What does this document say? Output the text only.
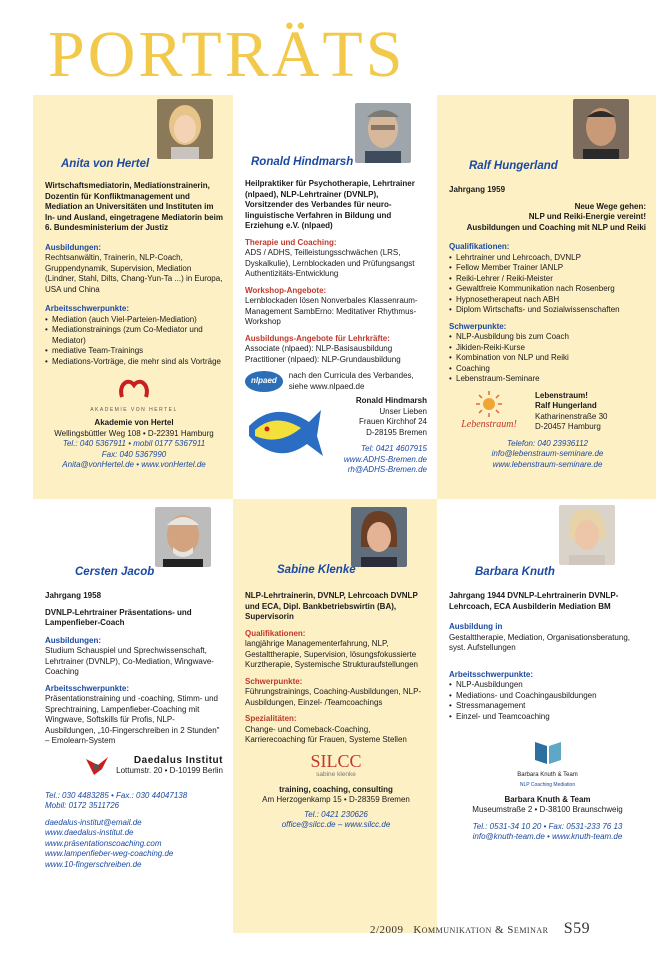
PORTRÄTS
Anita von Hertel
Wirtschaftsmediatorin, Mediationstrainerin, Dozentin für Konfliktmanagement und Mediation an Universitäten und Instituten im In- und Ausland, eingetragene Mediatorin beim 6. Bundesministerium der Justiz
Ausbildungen:
Rechtsanwältin, Trainerin, NLP-Coach, Gruppendynamik, Supervision, Mediation (Lindner, Stahl, Dilts, Chang-Yun-Ta ...) in Europa, USA und China
Arbeitsschwerpunkte:
• Mediation (auch Viel-Parteien-Mediation)
• Mediationstrainings (zum Co-Mediator und Mediator)
• mediative Team-Trainings
• Mediations-Vorträge, die mehr sind als Vorträge
AKADEMIE VON HERTEL
Akademie von Hertel
Wellingsbüttler Weg 108 • D-22391 Hamburg
Tel.: 040 5367911 • mobil 0177 5367911
Fax: 040 5367990
Anita@vonHertel.de • www.vonHertel.de
Ronald Hindmarsh
Heilpraktiker für Psychotherapie, Lehrtrainer (nlpaed), NLP-Lehrtrainer (DVNLP), Vorsitzender des Verbandes für neuro-linguistische Verfahren in Bildung und Erziehung e.V. (nlpaed)
Therapie und Coaching:
ADS / ADHS, Teilleistungsschwächen (LRS, Dyskalkulie), Lernblockaden und Prüfungsangst Authentizitäts-Entwicklung
Workshop-Angebote:
Lernblockaden lösen Nonverbales Klassenraum-Management SambErno: Meditativer Rhythmus-Workshop
Ausbildungs-Angebote für Lehrkräfte:
Associate (nlpaed): NLP-Basisausbildung Practitioner (nlpaed): NLP-Grundausbildung
nlpaed
nach den Curricula des Verbandes, siehe www.nlpaed.de
Ronald Hindmarsh
Unser Lieben
Frauen Kirchhof 24
D-28195 Bremen
Tel: 0421 4607915
www.ADHS-Bremen.de
rh@ADHS-Bremen.de
Ralf Hungerland
Jahrgang 1959
Neue Wege gehen:
NLP und Reiki-Energie vereint!
Ausbildungen und Coaching mit NLP und Reiki
Qualifikationen:
• Lehrtrainer und Lehrcoach, DVNLP
• Fellow Member Trainer IANLP
• Reiki-Lehrer / Reiki-Meister
• Gewaltfreie Kommunikation nach Rosenberg
• Hypnosetherapeut nach ABH
• Diplom Wirtschafts- und Sozialwissenschaften
Schwerpunkte:
• NLP-Ausbildung bis zum Coach
• Jikiden-Reiki-Kurse
• Kombination von NLP und Reiki
• Coaching
• Lebenstraum-Seminare
Lebenstraum!
Lebenstraum!
Ralf Hungerland
Katharinenstraße 30
D-20457 Hamburg
Telefon: 040 23936112
info@lebenstraum-seminare.de
www.lebenstraum-seminare.de
Cersten Jacob
Jahrgang 1958
DVNLP-Lehrtrainer Präsentations- und Lampenfieber-Coach
Ausbildungen:
Studium Schauspiel und Sprechwissenschaft, Lehrtrainer (DVNLP), Co-Mediation, Wingwave-Coaching
Arbeitsschwerpunkte:
Präsentationstraining und -coaching, Stimm- und Sprechtraining, Lampenfieber-Coaching mit Wingwave, Softskills für Profis, NLP-Ausbildungen, „10-Fingerschreiben in 2 Stunden" – Emolearn-System
Daedalus Institut
Lottumstr. 20 • D-10199 Berlin
Tel.: 030 4483285 • Fax.: 030 44047138
Mobil: 0172 3511726
daedalus-institut@email.de
www.daedalus-institut.de
www.präsentationscoaching.com
www.lampenfieber-weg-coaching.de
www.10-fingerschreiben.de
Sabine Klenke
NLP-Lehrtrainerin, DVNLP, Lehrcoach DVNLP und ECA, Dipl. Bankbetriebswirtin (BA), Supervisorin
Qualifikationen:
langjährige Managementerfahrung, NLP, Gestalttherapie, Supervision, lösungsfokussierte Kurztherapie, Systemische Strukturaufstellungen
Schwerpunkte:
Führungstrainings, Coaching-Ausbildungen, NLP-Ausbildungen, Einzel- /Teamcoachings
Spezialitäten:
Change- und Comeback-Coaching, Karrierecoaching für Frauen, Systeme Stellen
SILCC
sabine klenke
training, coaching, consulting
Am Herzogenkamp 15 • D-28359 Bremen
Tel.: 0421 230626
office@silcc.de – www.silcc.de
Barbara Knuth
Jahrgang 1944 DVNLP-Lehrtrainerin DVNLP-Lehrcoach, ECA Ausbilderin Mediation BM
Ausbildung in
Gestalttherapie, Mediation, Organisationsberatung, syst. Aufstellungen
Arbeitsschwerpunkte:
• NLP-Ausbildungen
• Mediations- und Coachingausbildungen
• Stressmanagement
• Einzel- und Teamcoaching
Barbara Knuth & Team
NLP Coaching Mediation
Barbara Knuth & Team
Museumstraße 2 • D-38100 Braunschweig
Tel.: 0531-34 10 20 • Fax: 0531-233 76 13
info@knuth-team.de • www.knuth-team.de
2/2009 Kommunikation & Seminar S59
